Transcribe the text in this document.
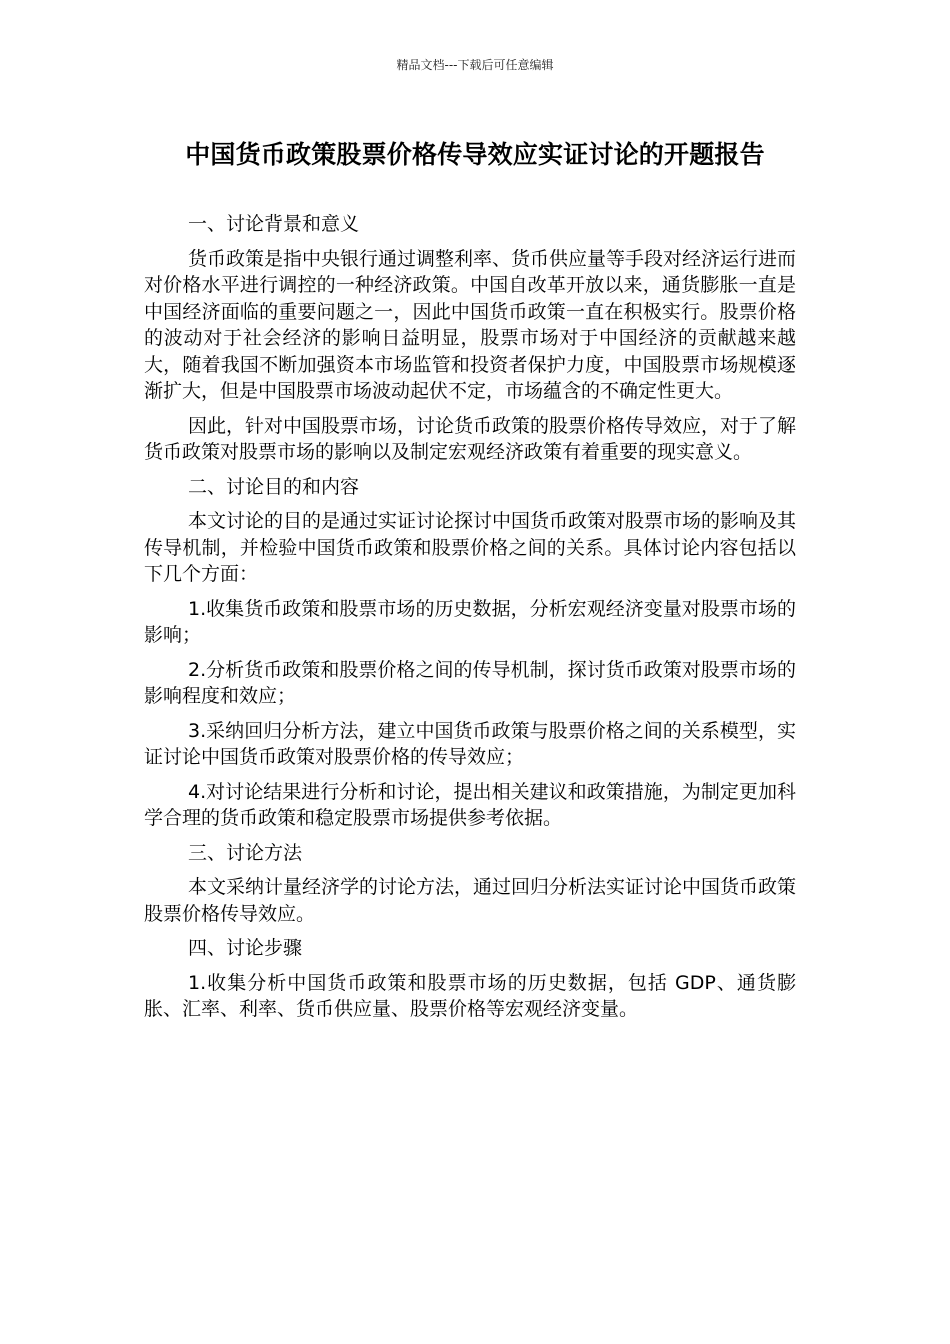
精品文档---下载后可任意编辑
中国货币政策股票价格传导效应实证讨论的开题报告

一、讨论背景和意义

货币政策是指中央银行通过调整利率、货币供应量等手段对经济运行进而对价格水平进行调控的一种经济政策。中国自改革开放以来，通货膨胀一直是中国经济面临的重要问题之一，因此中国货币政策一直在积极实行。股票价格的波动对于社会经济的影响日益明显，股票市场对于中国经济的贡献越来越大，随着我国不断加强资本市场监管和投资者保护力度，中国股票市场规模逐渐扩大，但是中国股票市场波动起伏不定，市场蕴含的不确定性更大。

因此，针对中国股票市场，讨论货币政策的股票价格传导效应，对于了解货币政策对股票市场的影响以及制定宏观经济政策有着重要的现实意义。

二、讨论目的和内容

本文讨论的目的是通过实证讨论探讨中国货币政策对股票市场的影响及其传导机制，并检验中国货币政策和股票价格之间的关系。具体讨论内容包括以下几个方面：

1.收集货币政策和股票市场的历史数据，分析宏观经济变量对股票市场的影响；

2.分析货币政策和股票价格之间的传导机制，探讨货币政策对股票市场的影响程度和效应；

3.采纳回归分析方法，建立中国货币政策与股票价格之间的关系模型，实证讨论中国货币政策对股票价格的传导效应；

4.对讨论结果进行分析和讨论，提出相关建议和政策措施，为制定更加科学合理的货币政策和稳定股票市场提供参考依据。

三、讨论方法

本文采纳计量经济学的讨论方法，通过回归分析法实证讨论中国货币政策股票价格传导效应。

四、讨论步骤

1.收集分析中国货币政策和股票市场的历史数据，包括 GDP、通货膨胀、汇率、利率、货币供应量、股票价格等宏观经济变量。
